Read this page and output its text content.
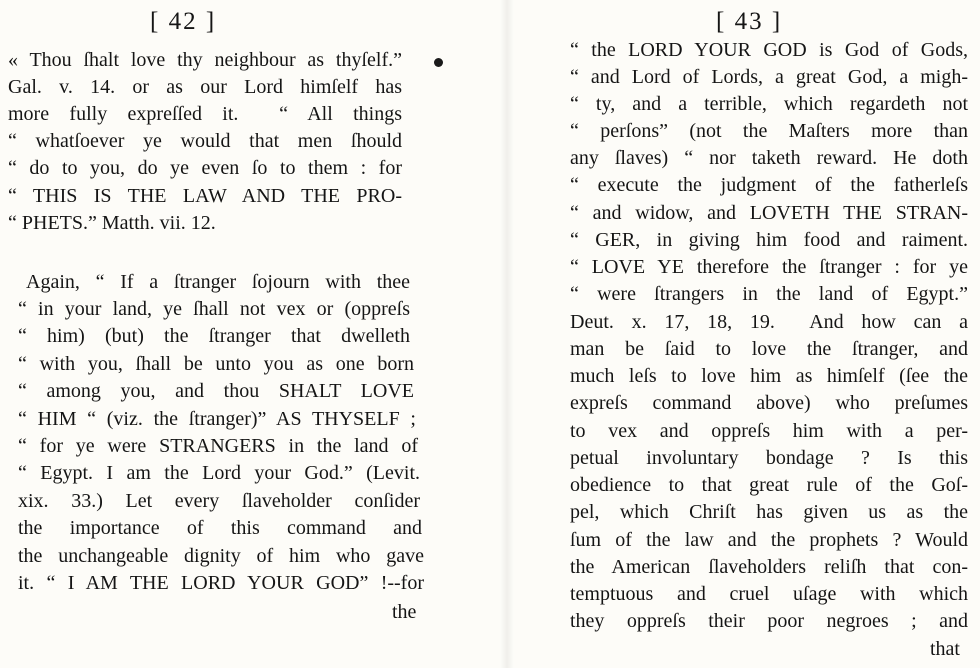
[ 42 ]
« Thou ſhalt love thy neighbour as thyſelf.”
Gal. v. 14. or as our Lord himſelf has
more fully expreſſed it.  “ All things
“ whatſoever ye would that men ſhould
“ do to you, do ye even ſo to them : for
“ THIS IS THE LAW AND THE PRO-
“ PHETS.” Matth. vii. 12.
Again, “ If a ſtranger ſojourn with thee
“ in your land, ye ſhall not vex or (oppreſs
“ him) (but) the ſtranger that dwelleth
“ with you, ſhall be unto you as one born
“ among you, and thou SHALT LOVE
“ HIM “ (viz. the ſtranger)” AS THYSELF ;
“ for ye were STRANGERS in the land of
“ Egypt. I am the Lord your God.” (Levit.
xix. 33.) Let every ſlaveholder conſider
the importance of this command and
the unchangeable dignity of him who gave
it. “ I AM THE LORD YOUR GOD” !--for
the
[ 43 ]
“ the LORD YOUR GOD is God of Gods,
“ and Lord of Lords, a great God, a migh-
“ ty, and a terrible, which regardeth not
“ perſons” (not the Maſters more than
any ſlaves) “ nor taketh reward. He doth
“ execute the judgment of the fatherleſs
“ and widow, and LOVETH THE STRAN-
“ GER, in giving him food and raiment.
“ LOVE YE therefore the ſtranger : for ye
“ were ſtrangers in the land of Egypt.”
Deut. x. 17, 18, 19.  And how can a
man be ſaid to love the ſtranger, and
much leſs to love him as himſelf (ſee the
expreſs command above) who preſumes
to vex and oppreſs him with a per-
petual involuntary bondage ? Is this
obedience to that great rule of the Goſ-
pel, which Chriſt has given us as the
ſum of the law and the prophets ? Would
the American ſlaveholders reliſh that con-
temptuous and cruel uſage with which
they oppreſs their poor negroes ; and
that
